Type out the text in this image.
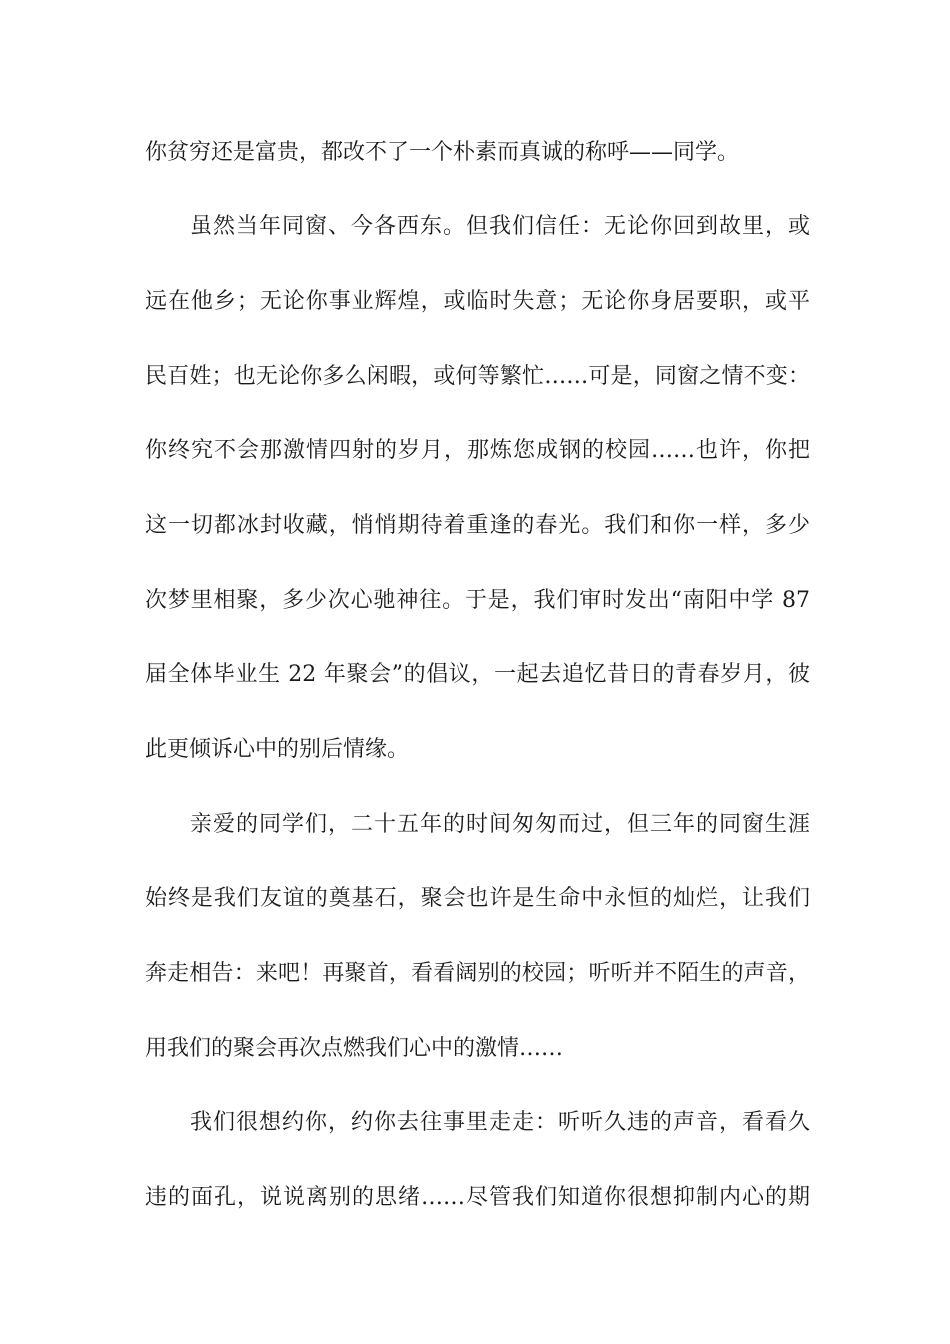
你贫穷还是富贵，都改不了一个朴素而真诚的称呼——同学。
虽然当年同窗、今各西东。但我们信任：无论你回到故里，或
远在他乡；无论你事业辉煌，或临时失意；无论你身居要职，或平
民百姓；也无论你多么闲暇，或何等繁忙……可是，同窗之情不变：
你终究不会那激情四射的岁月，那炼您成钢的校园……也许，你把
这一切都冰封收藏，悄悄期待着重逢的春光。我们和你一样，多少
次梦里相聚，多少次心驰神往。于是，我们审时发出“南阳中学 87
届全体毕业生 22 年聚会”的倡议，一起去追忆昔日的青春岁月，彼
此更倾诉心中的别后情缘。
亲爱的同学们，二十五年的时间匆匆而过，但三年的同窗生涯
始终是我们友谊的奠基石，聚会也许是生命中永恒的灿烂，让我们
奔走相告：来吧！再聚首，看看阔别的校园；听听并不陌生的声音，
用我们的聚会再次点燃我们心中的激情……
我们很想约你，约你去往事里走走：听听久违的声音，看看久
违的面孔，说说离别的思绪……尽管我们知道你很想抑制内心的期
